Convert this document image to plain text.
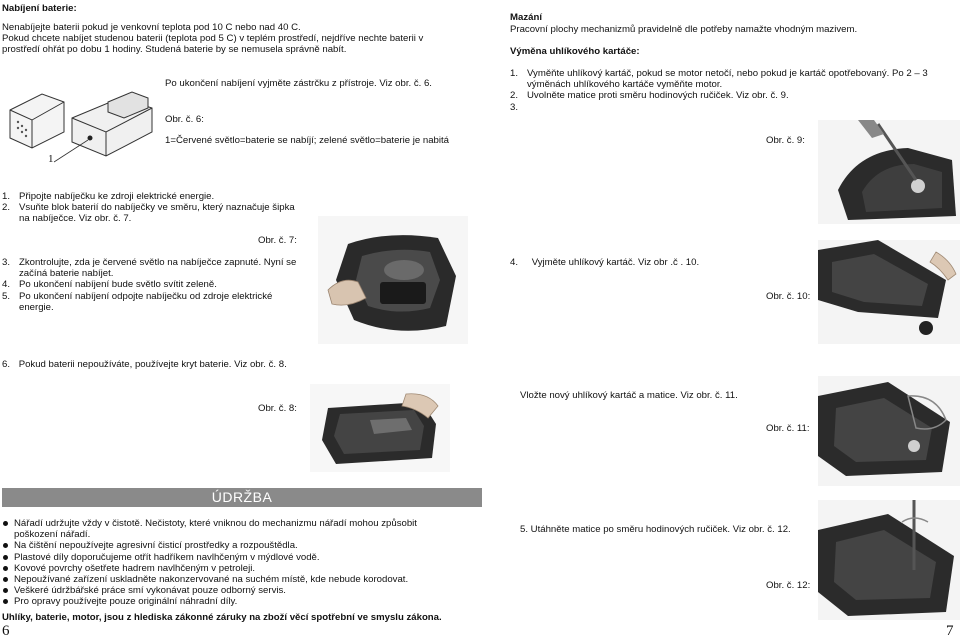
Nabíjení baterie:

Nenabíjejte baterii pokud je venkovní teplota pod 10 C nebo nad 40 C.

Pokud chcete nabíjet studenou baterii (teplota pod 5 C) v teplém prostředí, nejdříve nechte baterii v prostředí ohřát po dobu 1 hodiny. Studená baterie by se nemusela správně nabít.

1
Po ukončení nabíjení vyjměte zástrčku z přístroje. Viz obr. č. 6.
Obr. č. 6:
1=Červené světlo=baterie se nabíjí; zelené světlo=baterie je nabitá
1. Připojte nabíječku ke zdroji elektrické energie.
2. Vsuňte blok baterií do nabíječky ve směru, který naznačuje šipka na nabíječce. Viz obr. č. 7.
Obr. č. 7:
3. Zkontrolujte, zda je červené světlo na nabíječce zapnuté. Nyní se začíná baterie nabíjet.
4. Po ukončení nabíjení bude světlo svítit zeleně.
5. Po ukončení nabíjení odpojte nabíječku od zdroje elektrické energie.
6. Pokud baterii nepoužíváte, používejte kryt baterie. Viz obr. č. 8.
Obr. č. 8:
ÚDRŽBA
Nářadí udržujte vždy v čistotě. Nečistoty, které vniknou do mechanizmu nářadí mohou způsobit poškození nářadí.
Na čištění nepoužívejte agresivní čisticí prostředky a rozpouštědla.
Plastové díly doporučujeme otřít hadříkem navlhčeným v mýdlové vodě.
Kovové povrchy ošetřete hadrem navlhčeným v petroleji.
Nepoužívané zařízení uskladněte nakonzervované na suchém místě, kde nebude korodovat.
Veškeré údržbářské práce smí vykonávat pouze odborný servis.
Pro opravy používejte pouze originální náhradní díly.
Uhlíky, baterie, motor, jsou z hlediska zákonné záruky na zboží věcí spotřební ve smyslu zákona.
6
Mazání
Pracovní plochy mechanizmů pravidelně dle potřeby namažte vhodným mazivem.
Výměna uhlíkového kartáče:
1. Vyměňte uhlíkový kartáč, pokud se motor netočí, nebo pokud je kartáč opotřebovaný. Po 2 – 3 výměnách uhlíkového kartáče vyměňte motor.
2. Uvolněte matice proti směru hodinových ručiček. Viz obr. č. 9.
3.
Obr. č. 9:
4. Vyjměte uhlíkový kartáč. Viz obr .č . 10.
Obr. č. 10:
Vložte nový uhlíkový kartáč a matice. Viz obr. č. 11.
Obr. č. 11:
5. Utáhněte matice po směru hodinových ručiček. Viz obr. č. 12.
Obr. č. 12:
7
